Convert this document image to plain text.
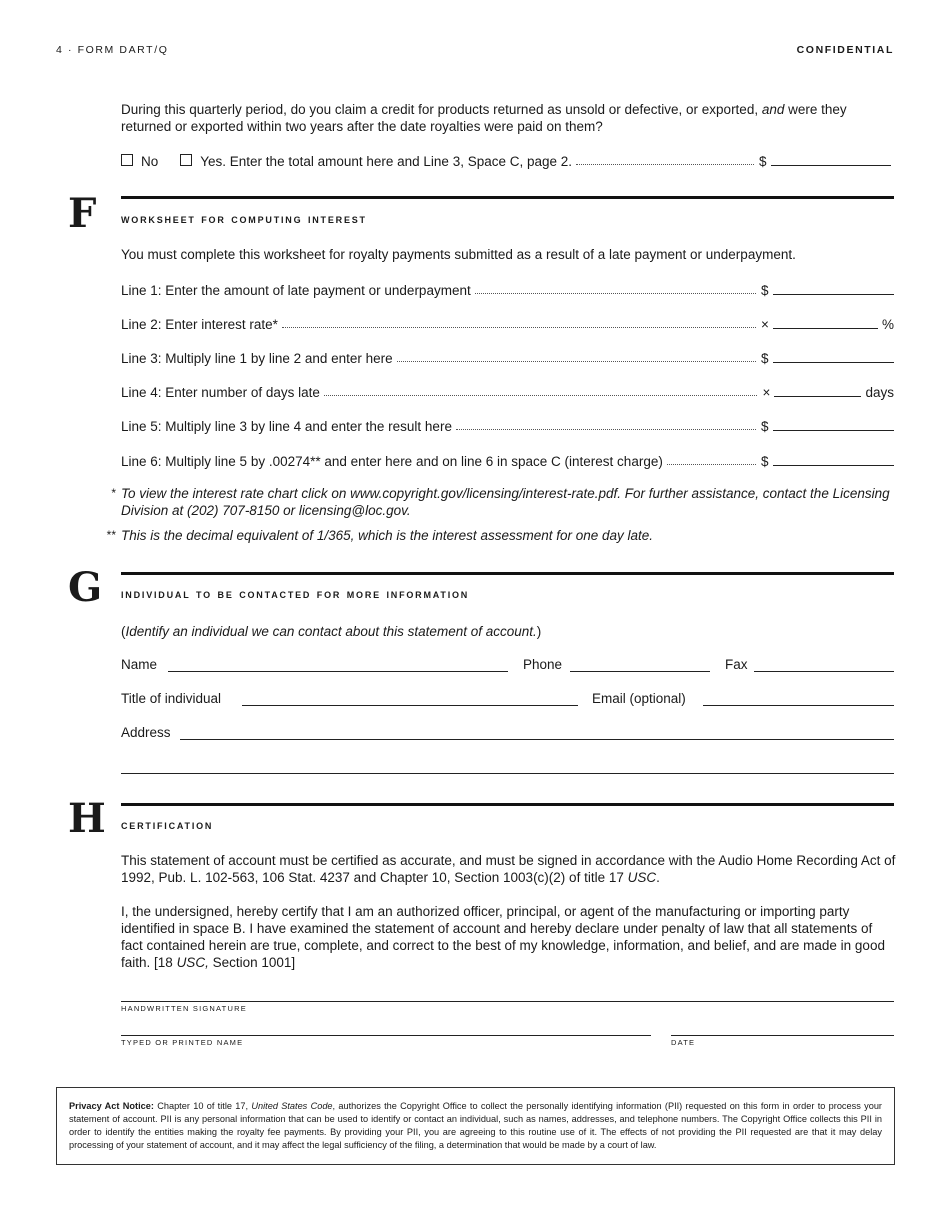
4 · FORM DART/Q	CONFIDENTIAL
During this quarterly period, do you claim a credit for products returned as unsold or defective, or exported, and were they returned or exported within two years after the date royalties were paid on them?
No	Yes. Enter the total amount here and Line 3, Space C, page 2.	$
F worksheet for computing interest
You must complete this worksheet for royalty payments submitted as a result of a late payment or underpayment.
Line 1: Enter the amount of late payment or underpayment	$
Line 2: Enter interest rate*	×	%
Line 3: Multiply line 1 by line 2 and enter here	$
Line 4: Enter number of days late	×	days
Line 5: Multiply line 3 by line 4 and enter the result here	$
Line 6: Multiply line 5 by .00274** and enter here and on line 6 in space C (interest charge)	$
* To view the interest rate chart click on www.copyright.gov/licensing/interest-rate.pdf. For further assistance, contact the Licensing Division at (202) 707-8150 or licensing@loc.gov.
** This is the decimal equivalent of 1/365, which is the interest assessment for one day late.
G individual to be contacted for more information
(Identify an individual we can contact about this statement of account.)
Name	Phone	Fax
Title of individual	Email (optional)
Address
H certification
This statement of account must be certified as accurate, and must be signed in accordance with the Audio Home Recording Act of 1992, Pub. L. 102-563, 106 Stat. 4237 and Chapter 10, Section 1003(c)(2) of title 17 USC.
I, the undersigned, hereby certify that I am an authorized officer, principal, or agent of the manufacturing or importing party identified in space B. I have examined the statement of account and hereby declare under penalty of law that all statements of fact contained herein are true, complete, and correct to the best of my knowledge, information, and belief, and are made in good faith. [18 USC, Section 1001]
HANDWRITTEN SIGNATURE
TYPED OR PRINTED NAME	DATE
Privacy Act Notice: Chapter 10 of title 17, United States Code, authorizes the Copyright Office to collect the personally identifying information (PII) requested on this form in order to process your statement of account. PII is any personal information that can be used to identify or contact an individual, such as names, addresses, and telephone numbers. The Copyright Office collects this PII in order to identify the entities making the royalty fee payments. By providing your PII, you are agreeing to this routine use of it. The effects of not providing the PII requested are that it may delay processing of your statement of account, and it may affect the legal sufficiency of the filing, a determination that would be made by a court of law.
